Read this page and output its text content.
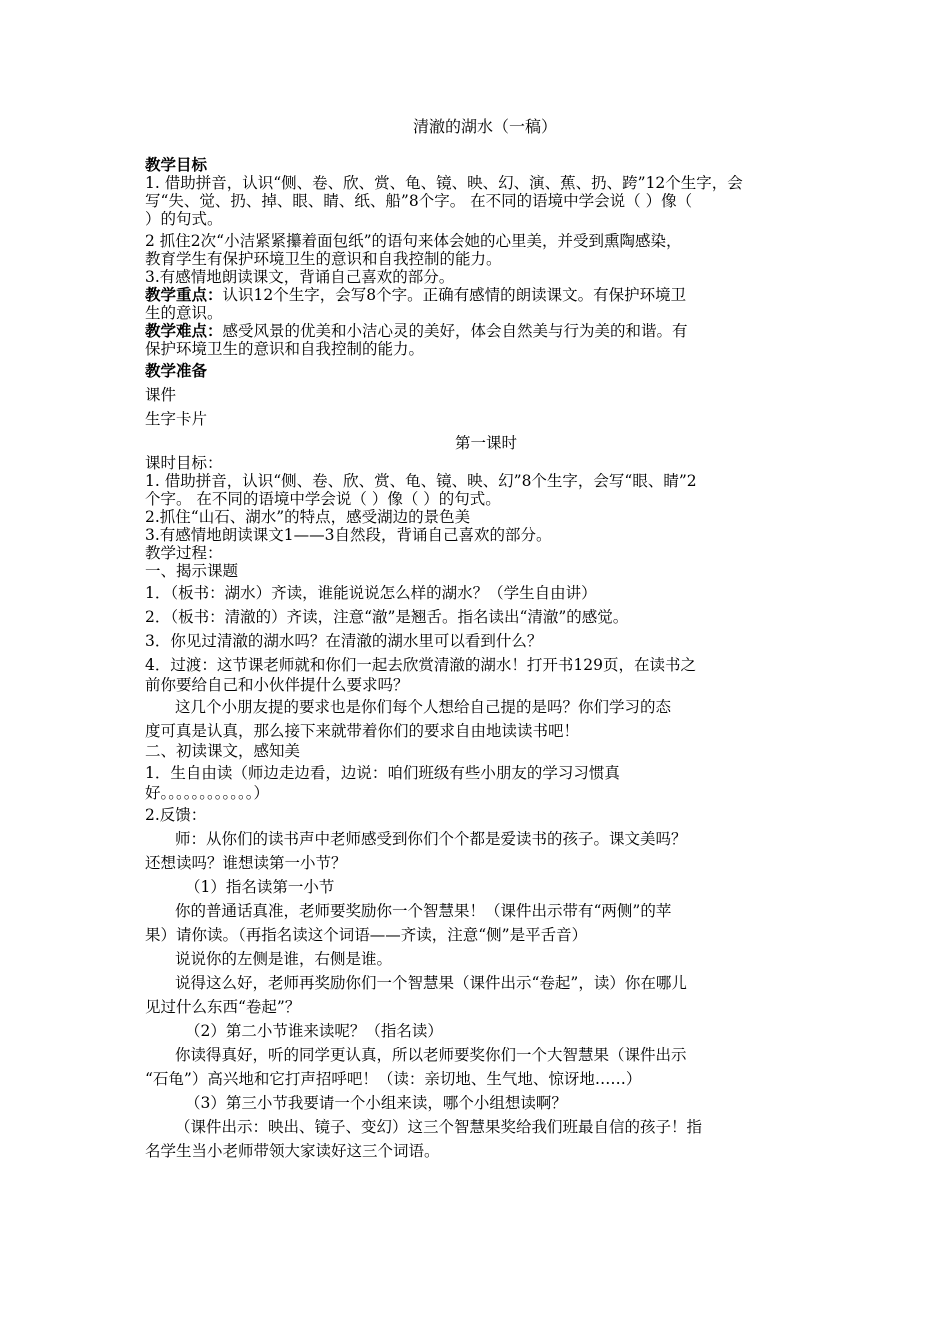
清澈的湖水（一稿）
教学目标
1. 借助拼音，认识“侧、卷、欣、赏、龟、镜、映、幻、演、蕉、扔、跨”12个生字，会
写“失、觉、扔、掉、眼、睛、纸、船”8个字。 在不同的语境中学会说（ ）像（
）的句式。
2 抓住2次“小洁紧紧攥着面包纸”的语句来体会她的心里美，并受到熏陶感染，
教育学生有保护环境卫生的意识和自我控制的能力。
3.有感情地朗读课文，背诵自己喜欢的部分。
教学重点：认识12个生字，会写8个字。正确有感情的朗读课文。有保护环境卫
生的意识。
教学难点：感受风景的优美和小洁心灵的美好，体会自然美与行为美的和谐。有
保护环境卫生的意识和自我控制的能力。
教学准备
课件
生字卡片
第一课时
课时目标：
1. 借助拼音，认识“侧、卷、欣、赏、龟、镜、映、幻”8个生字，会写“眼、睛”2
个字。 在不同的语境中学会说（ ）像（ ）的句式。
2.抓住“山石、湖水”的特点，感受湖边的景色美
3.有感情地朗读课文1——3自然段，背诵自己喜欢的部分。
教学过程：
一、揭示课题
1．（板书：湖水）齐读，谁能说说怎么样的湖水？（学生自由讲）
2．（板书：清澈的）齐读，注意“澈”是翘舌。指名读出“清澈”的感觉。
3．你见过清澈的湖水吗？在清澈的湖水里可以看到什么？
4．过渡：这节课老师就和你们一起去欣赏清澈的湖水！打开书129页，在读书之
前你要给自己和小伙伴提什么要求吗？
这几个小朋友提的要求也是你们每个人想给自己提的是吗？你们学习的态
度可真是认真，那么接下来就带着你们的要求自由地读读书吧！
二、初读课文，感知美
1．生自由读（师边走边看，边说：咱们班级有些小朋友的学习习惯真
好。。。。。。。。。。。。）
2.反馈：
师：从你们的读书声中老师感受到你们个个都是爱读书的孩子。课文美吗？
还想读吗？谁想读第一小节？
（1）指名读第一小节
你的普通话真准，老师要奖励你一个智慧果！（课件出示带有“两侧”的苹
果）请你读。（再指名读这个词语——齐读，注意“侧”是平舌音）
说说你的左侧是谁，右侧是谁。
说得这么好，老师再奖励你们一个智慧果（课件出示“卷起”，读）你在哪儿
见过什么东西“卷起”？
（2）第二小节谁来读呢？（指名读）
你读得真好，听的同学更认真，所以老师要奖你们一个大智慧果（课件出示
“石龟”）高兴地和它打声招呼吧！（读：亲切地、生气地、惊讶地……）
（3）第三小节我要请一个小组来读，哪个小组想读啊？
（课件出示：映出、镜子、变幻）这三个智慧果奖给我们班最自信的孩子！指
名学生当小老师带领大家读好这三个词语。
